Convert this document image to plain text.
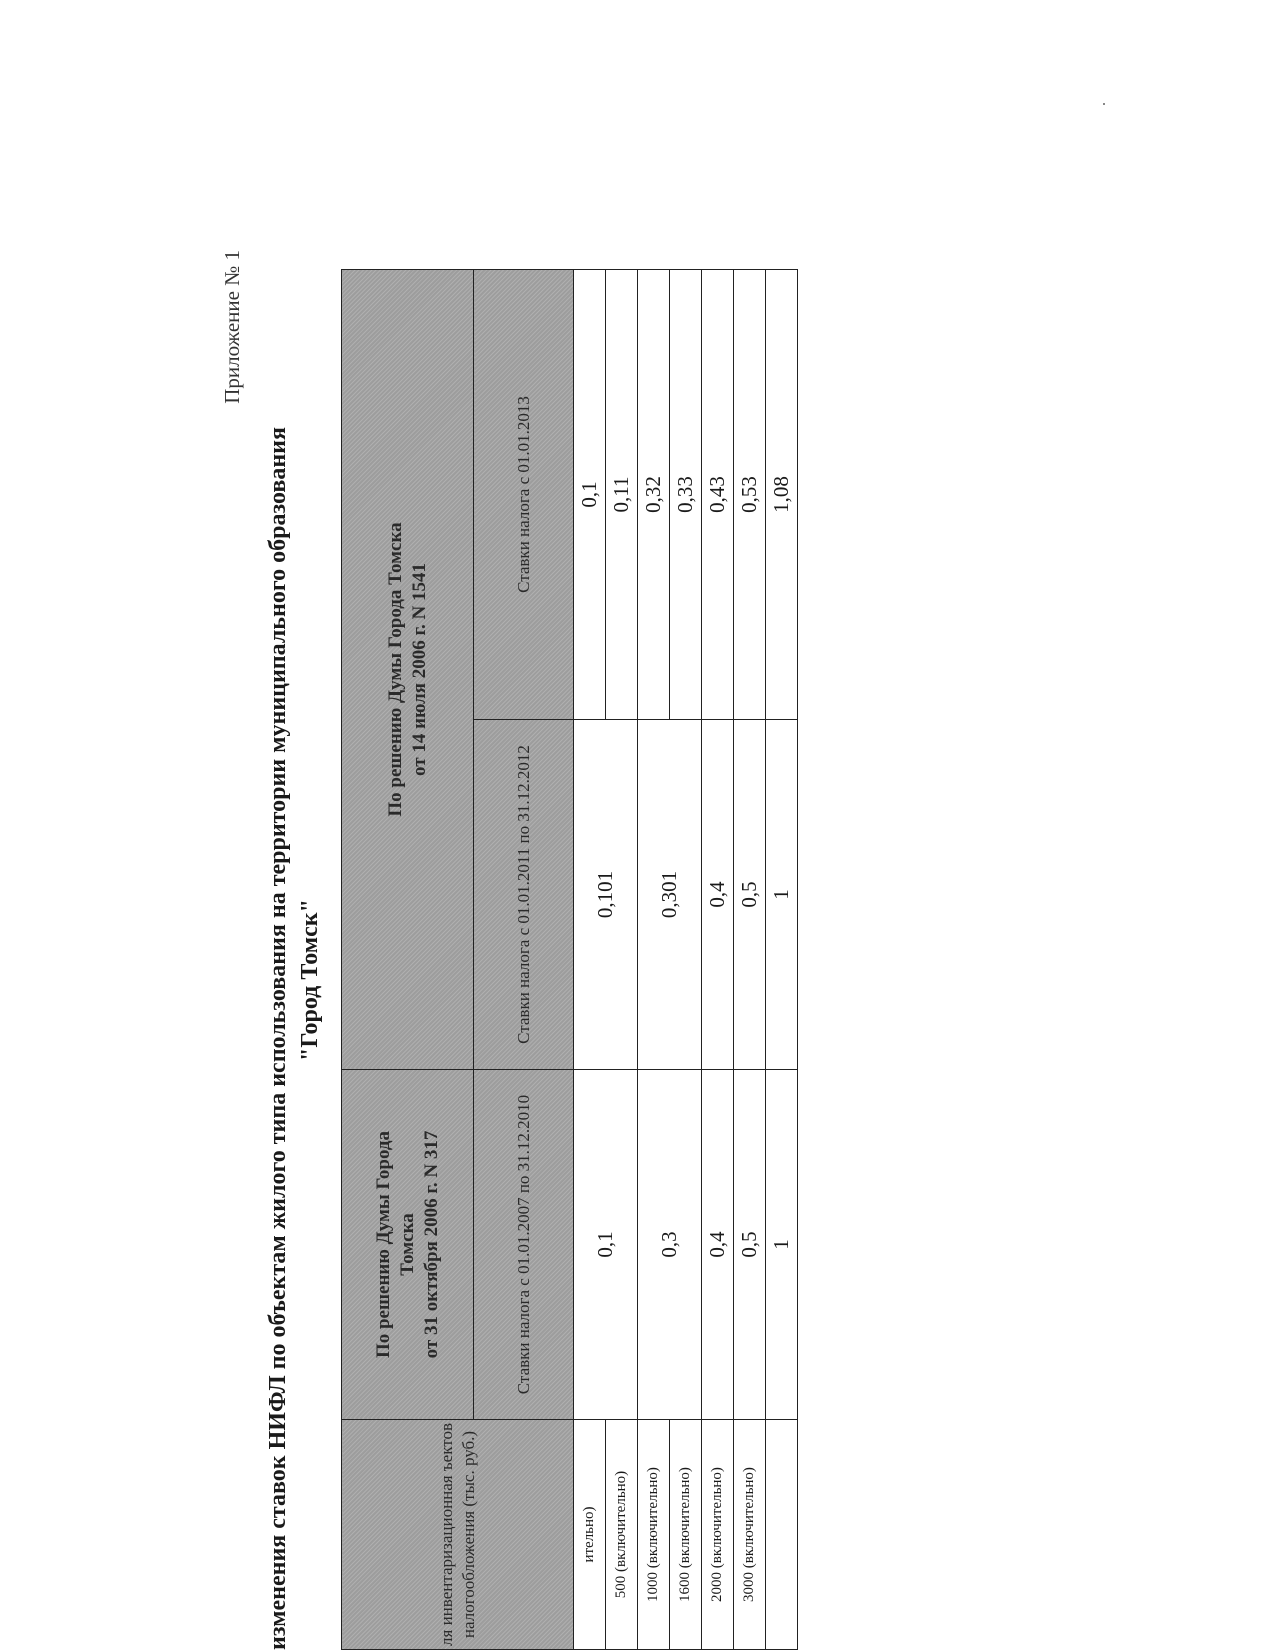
Приложение № 1
изменения ставок НИФЛ по объектам жилого типа использования на территории муниципального образования "Город Томск"
ля инвентаризационная ъектов налогообложения (тыс. руб.)	По решению Думы Города Томска от 31 октября 2006 г. N 317	По решению Думы Города Томска от 14 июля 2006 г. N 1541	
	Ставки налога с 01.01.2007 по 31.12.2010	Ставки налога с 01.01.2011 по 31.12.2012	Ставки налога с 01.01.2013
ительно)	0,1	0,101	0,1
500 (включительно)			0,11
1000 (включительно)	0,3	0,301	0,32
1600 (включительно)			0,33
2000 (включительно)	0,4	0,4	0,43
3000 (включительно)	0,5	0,5	0,53
	1	1	1,08
